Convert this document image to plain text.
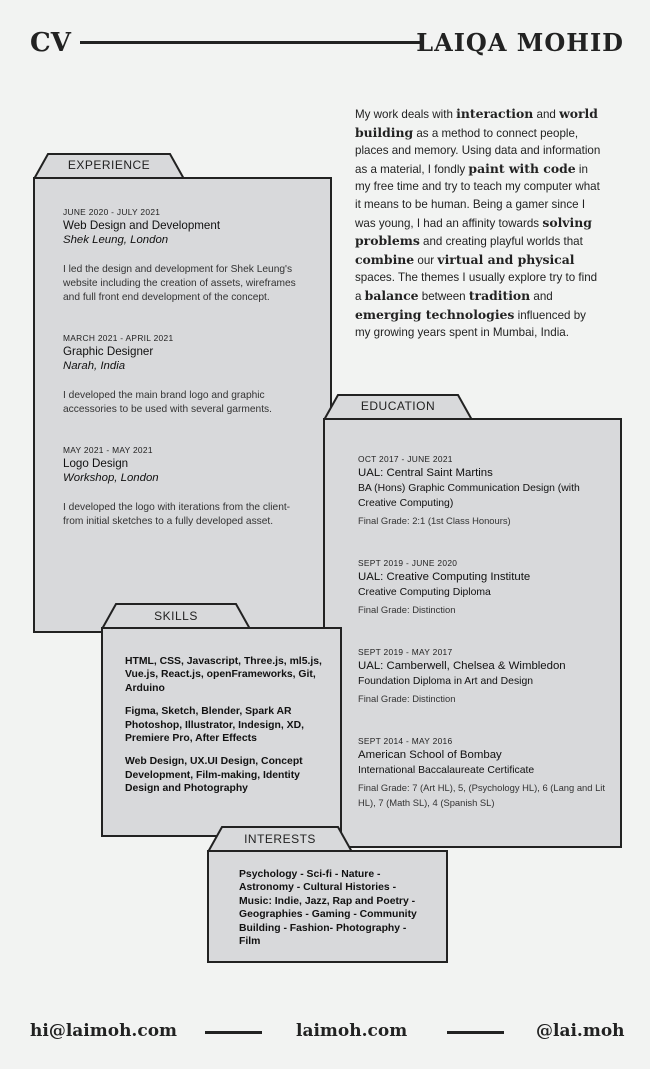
CV	LAIQA MOHID
My work deals with interaction and world building as a method to connect people, places and memory. Using data and information as a material, I fondly paint with code in my free time and try to teach my computer what it means to be human. Being a gamer since I was young, I had an affinity towards solving problems and creating playful worlds that combine our virtual and physical spaces. The themes I usually explore try to find a balance between tradition and emerging technologies influenced by my growing years spent in Mumbai, India.
EXPERIENCE
JUNE 2020 - JULY 2021
Web Design and Development
Shek Leung, London
I led the design and development for Shek Leung's website including the creation of assets, wireframes and full front end development of the concept.
MARCH 2021 - APRIL 2021
Graphic Designer
Narah, India
I developed the main brand logo and graphic accessories to be used with several garments.
MAY 2021 - MAY 2021
Logo Design
Workshop, London
I developed the logo with iterations from the client- from initial sketches to a fully developed asset.
EDUCATION
OCT 2017 - JUNE 2021
UAL: Central Saint Martins
BA (Hons) Graphic Communication Design (with Creative Computing)
Final Grade: 2:1 (1st Class Honours)
SEPT 2019 - JUNE 2020
UAL: Creative Computing Institute
Creative Computing Diploma
Final Grade: Distinction
SEPT 2019 - MAY 2017
UAL: Camberwell, Chelsea & Wimbledon
Foundation Diploma in Art and Design
Final Grade: Distinction
SEPT 2014 - MAY 2016
American School of Bombay
International Baccalaureate Certificate
Final Grade: 7 (Art HL), 5, (Psychology HL), 6 (Lang and Lit HL), 7 (Math SL), 4 (Spanish SL)
SKILLS
HTML, CSS, Javascript, Three.js, ml5.js, Vue.js, React.js, openFrameworks, Git, Arduino
Figma, Sketch, Blender, Spark AR Photoshop, Illustrator, Indesign, XD, Premiere Pro, After Effects
Web Design, UX.UI Design, Concept Development, Film-making, Identity Design and Photography
INTERESTS
Psychology - Sci-fi - Nature - Astronomy - Cultural Histories - Music: Indie, Jazz, Rap and Poetry - Geographies - Gaming - Community Building - Fashion- Photography - Film
hi@laimoh.com	laimoh.com	@lai.moh
